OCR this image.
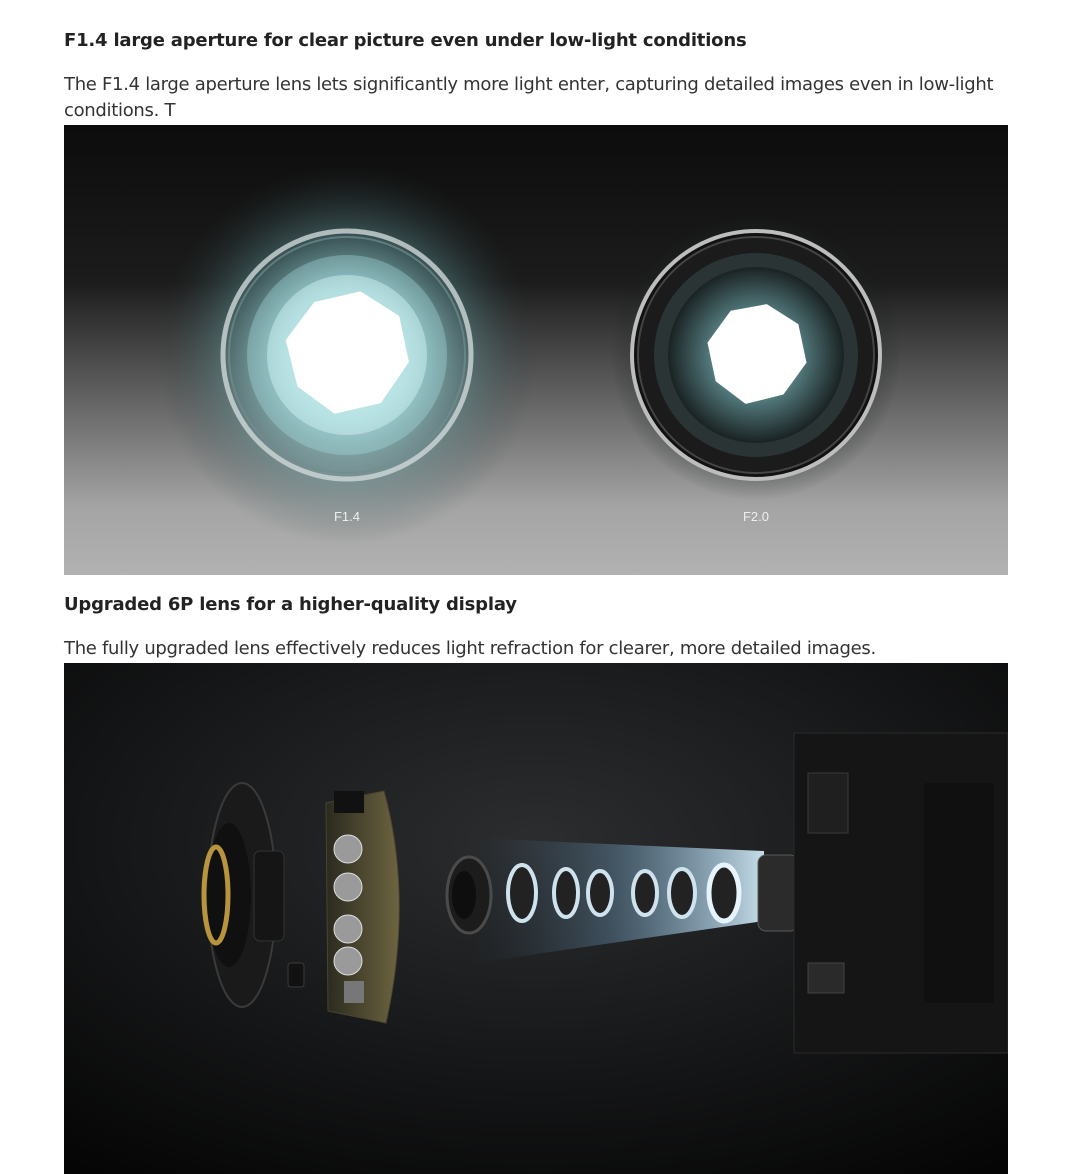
F1.4 large aperture for clear picture even under low-light conditions

The F1.4 large aperture lens lets significantly more light enter, capturing detailed images even in low-light conditions. T

F1.4	F2.0
Upgraded 6P lens for a higher-quality display

The fully upgraded lens effectively reduces light refraction for clearer, more detailed images.
